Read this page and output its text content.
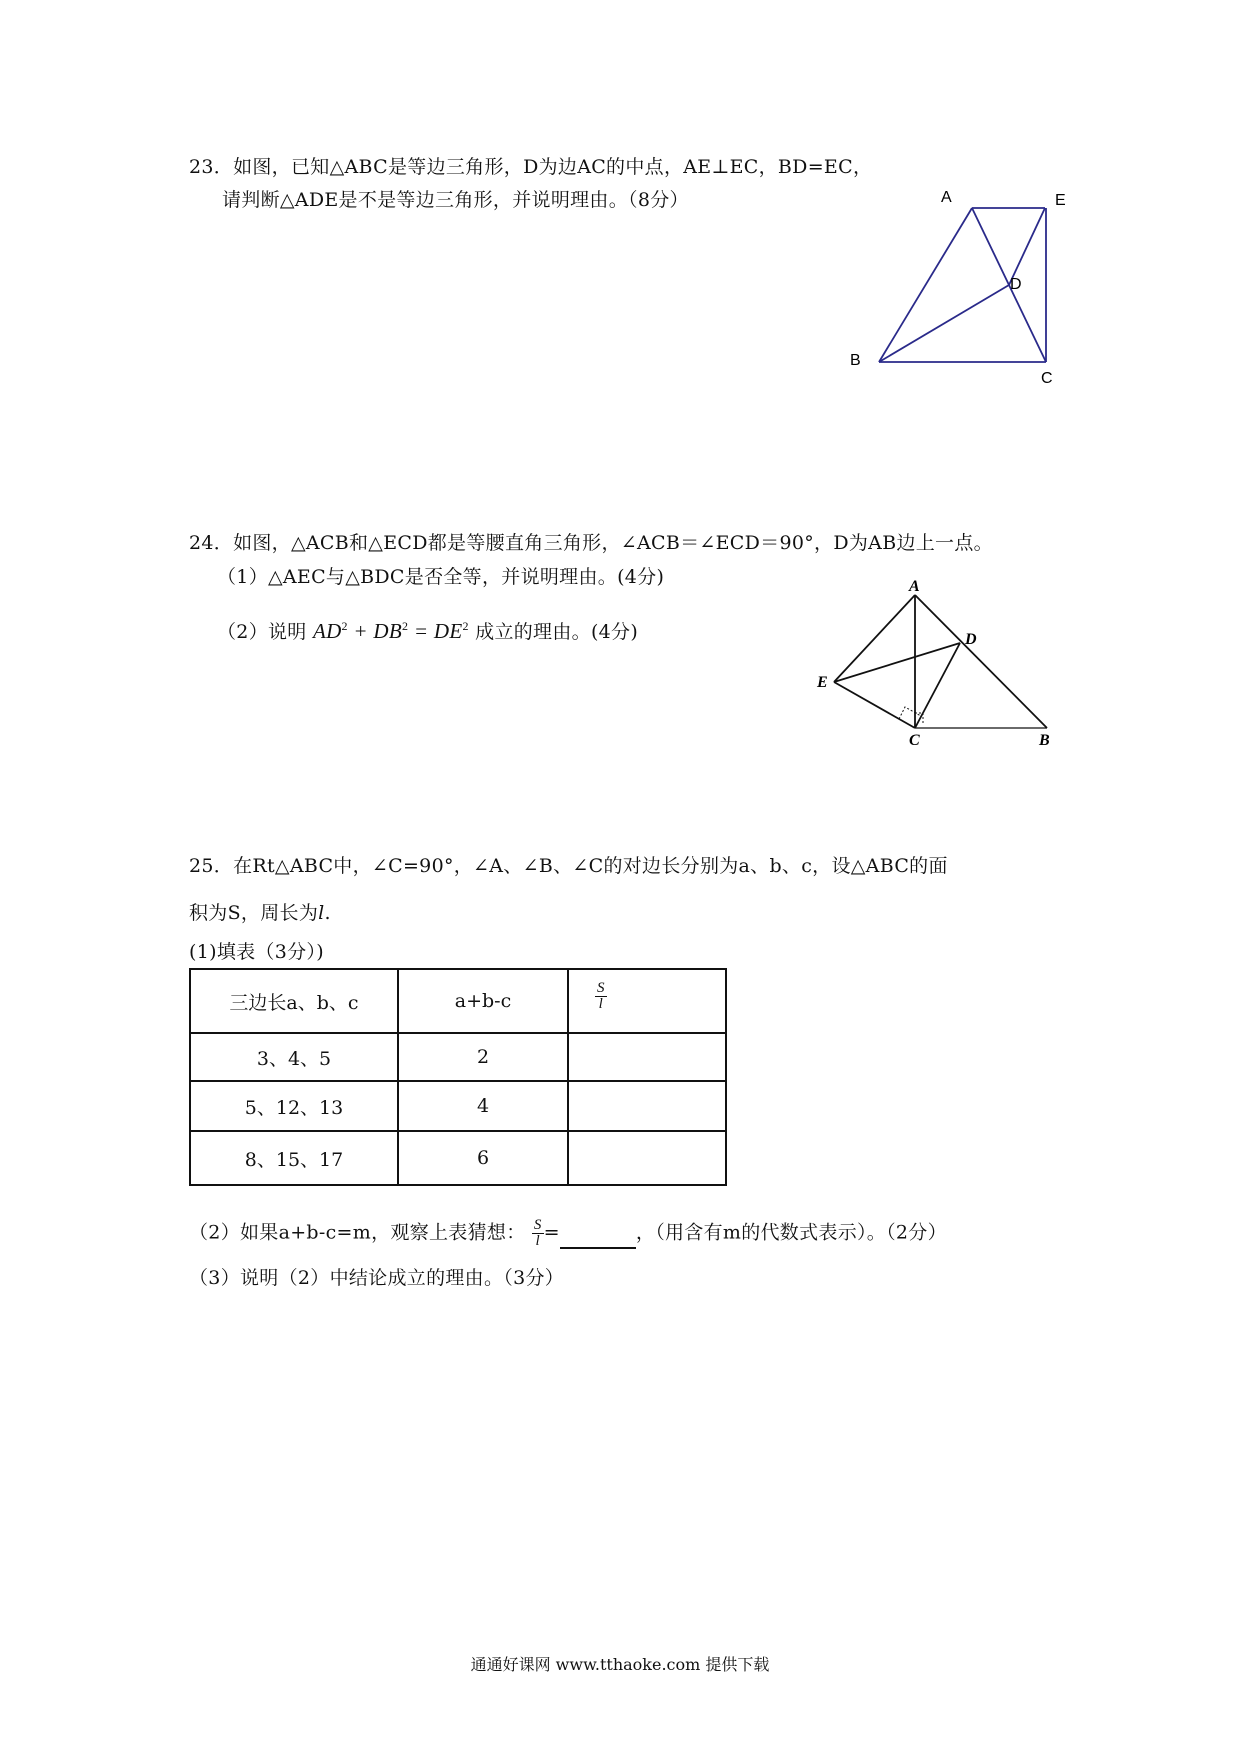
23．如图，已知△ABC是等边三角形，D为边AC的中点，AE⊥EC，BD=EC，
请判断△ADE是不是等边三角形，并说明理由。（8分）	A	E
D
B
C
24．如图，△ACB和△ECD都是等腰直角三角形，∠ACB＝∠ECD＝90°，D为AB边上一点。
（1）△AEC与△BDC是否全等，并说明理由。(4分)
（2）说明 $AD^2 + DB^2 = DE^2$ 成立的理由。(4分)
A
D
E
C	B
25．在Rt△ABC中，∠C=90°，∠A、∠B、∠C的对边长分别为a、b、c，设△ABC的面
积为S，周长为l.
(1)填表（3分）)
三边长a、b、c	a+b-c	$\frac{S}{l}$

3、4、5	2	
5、12、13	4	
8、15、17	6	
（2）如果a+b-c=m，观察上表猜想： $\frac{S}{l}$ =	，（用含有m的代数式表示）。（2分）
（3）说明（2）中结论成立的理由。（3分）
通通好课网 www.tthaoke.com 提供下载
